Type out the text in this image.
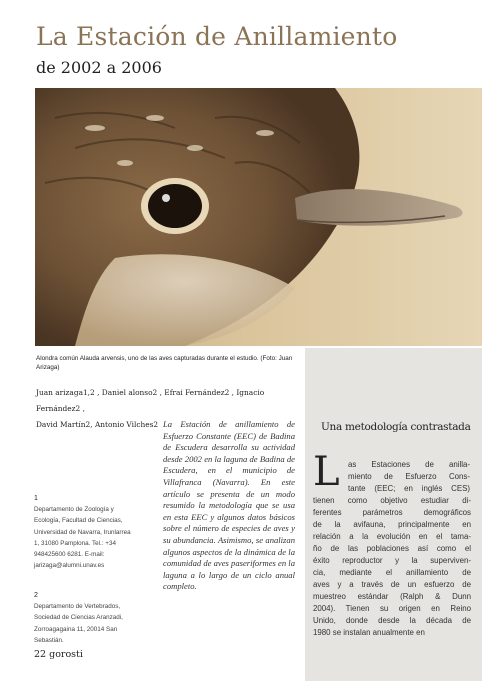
La Estación de Anillamiento
de 2002 a 2006
Alondra común Alauda arvensis, uno de las aves capturadas durante el estudio. (Foto: Juan Arizaga)
Juan arizaga1,2 , Daniel alonso2 , Efrai Fernández2 , Ignacio Fernández2 ,
David Martín2, Antonio Vilches2 La Estación de anillamiento de Esfuerzo Constante (EEC) de Badina de Escudera desarrolla su actividad desde 2002 en la laguna de Badina de Escudera, en el municipio de Villafranca (Navarra). En este artículo se presenta de un modo resumido la metodología que se usa en esta EEC y algunos datos básicos sobre el número de especies de aves y su abundancia. Asimismo, se analizan algunos aspectos de la dinámica de la comunidad de aves paseriformes en la laguna a lo largo de un ciclo anual completo.
1
Departamento de Zoología y Ecología, Facultad de Ciencias, Universidad de Navarra, Irunlarrea 1, 31080 Pamplona. Tel.: +34 948425600 6281. E-mail: jarizaga@alumni.unav.es
2
Departamento de Vertebrados, Sociedad de Ciencias Aranzadi, Zorroagagaina 11, 20014 San Sebastián.
22 gorosti
Una metodología contrastada
L as Estaciones de anilla-
miento de Esfuerzo Cons-
tante (EEC; en inglés CES)
tienen como objetivo estudiar di-
ferentes parámetros demográficos
de la avifauna, principalmente en
relación a la evolución en el tama-
ño de las poblaciones así como el
éxito reproductor y la superviven-
cia, mediante el anillamiento de
aves y a través de un esfuerzo de
muestreo estándar (Ralph & Dunn
2004). Tienen su origen en Reino
Unido, donde desde la década de
1980 se instalan anualmente en
